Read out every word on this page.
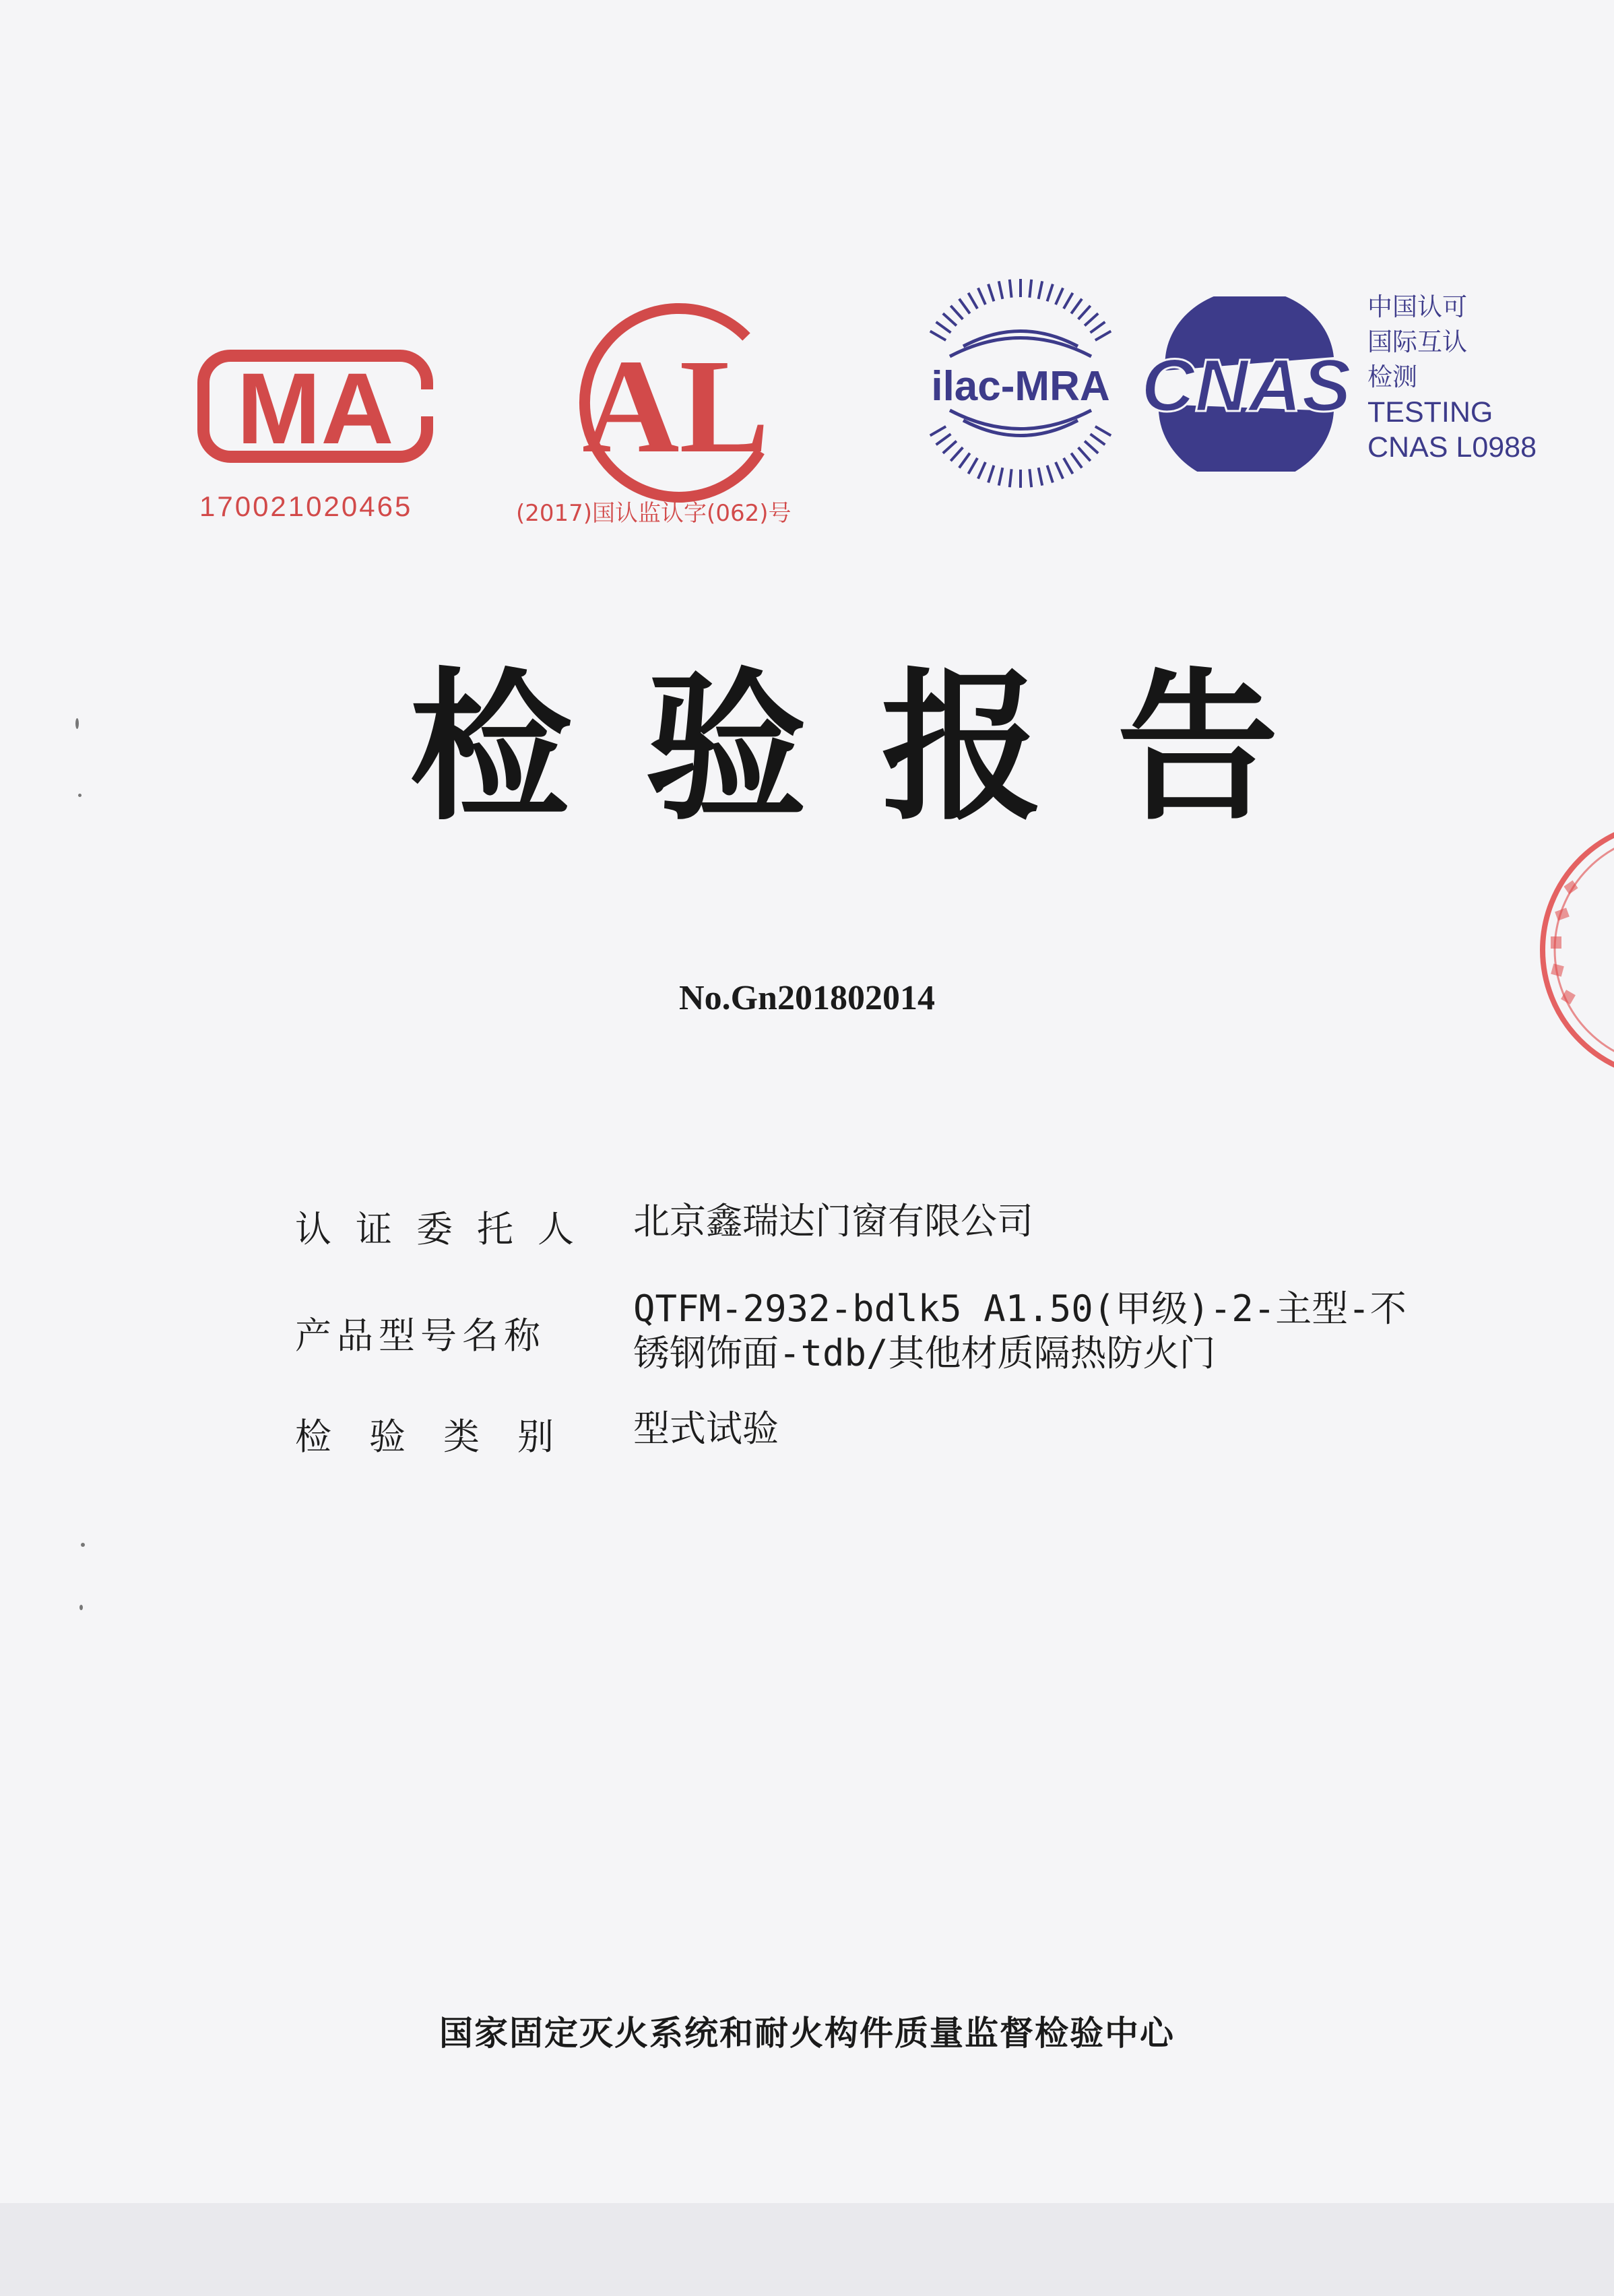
MA
170021020465
AL
(2017)国认监认字(062)号
ilac-MRA CNAS
中国认可
国际互认
检测
TESTING
CNAS L0988
检验报告
No.Gn201802014
认证委托人 北京鑫瑞达门窗有限公司
产品型号名称
QTFM-2932-bdlk5 A1.50(甲级)-2-主型-不
锈钢饰面-tdb/其他材质隔热防火门
检验类别 型式试验
国家固定灭火系统和耐火构件质量监督检验中心
